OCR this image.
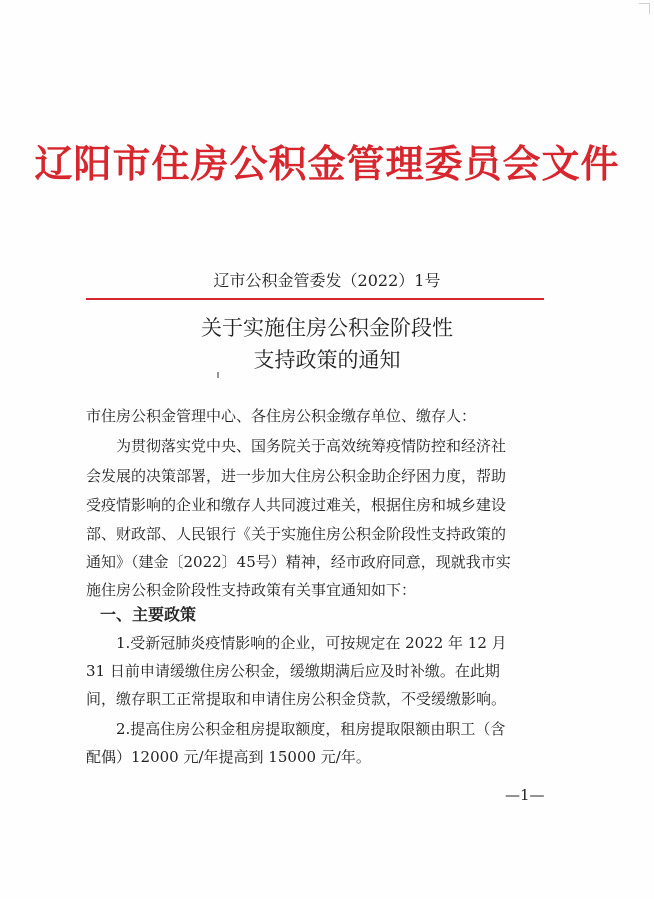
辽阳市住房公积金管理委员会文件
辽市公积金管委发（2022）1号
关于实施住房公积金阶段性
支持政策的通知
市住房公积金管理中心、各住房公积金缴存单位、缴存人：
为贯彻落实党中央、国务院关于高效统筹疫情防控和经济社
会发展的决策部署，进一步加大住房公积金助企纾困力度，帮助
受疫情影响的企业和缴存人共同渡过难关，根据住房和城乡建设
部、财政部、人民银行《关于实施住房公积金阶段性支持政策的
通知》（建金〔2022〕45号）精神，经市政府同意，现就我市实
施住房公积金阶段性支持政策有关事宜通知如下：
一、主要政策
1.受新冠肺炎疫情影响的企业，可按规定在 2022 年 12 月
31 日前申请缓缴住房公积金，缓缴期满后应及时补缴。在此期
间，缴存职工正常提取和申请住房公积金贷款，不受缓缴影响。
2.提高住房公积金租房提取额度，租房提取限额由职工（含
配偶）12000 元/年提高到 15000 元/年。
—1—
